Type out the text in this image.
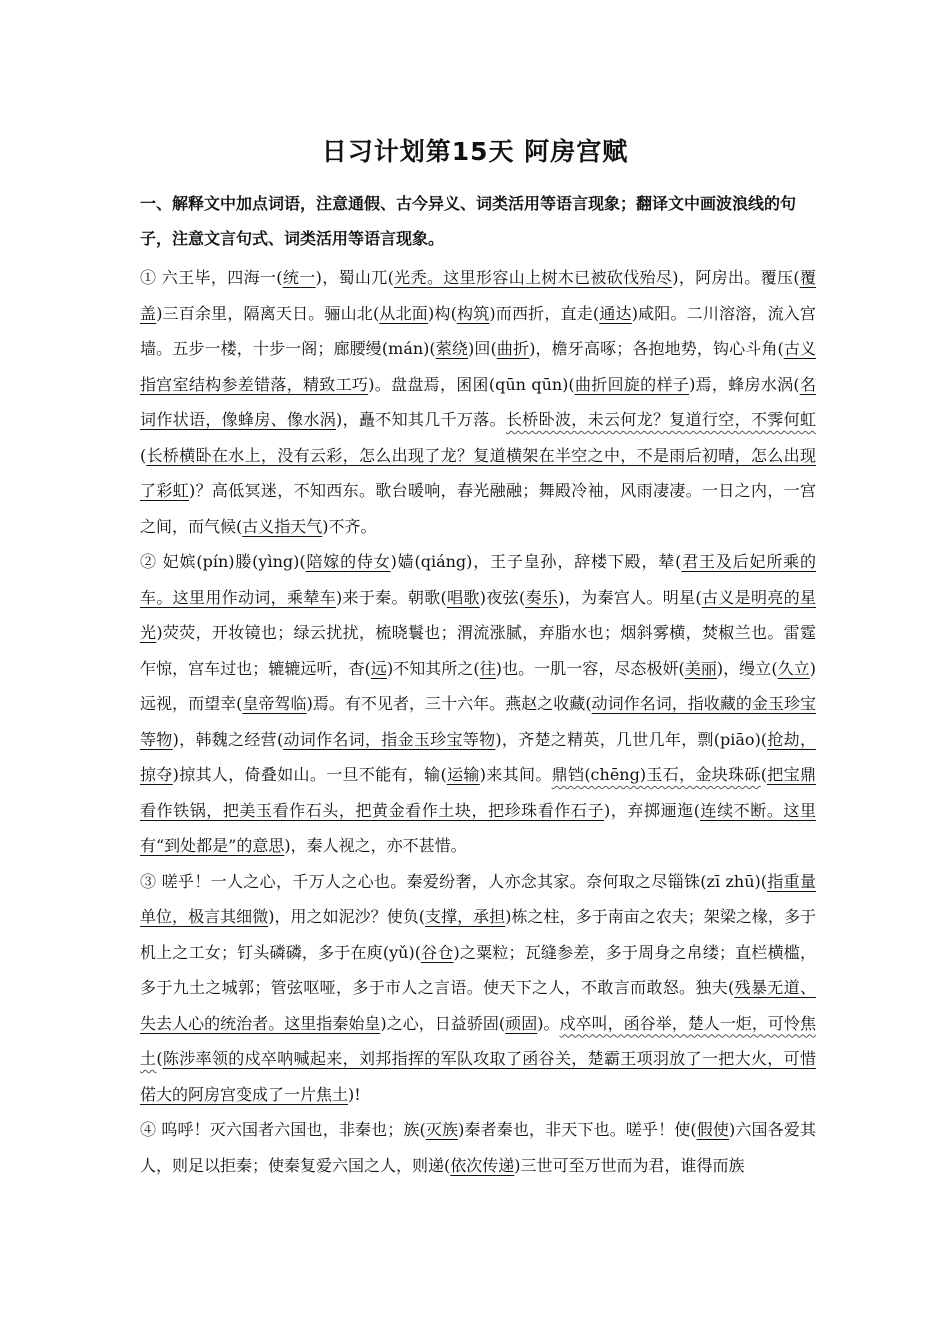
日习计划第15天 阿房宫赋
一、解释文中加点词语，注意通假、古今异义、词类活用等语言现象；翻译文中画波浪线的句子，注意文言句式、词类活用等语言现象。

① 六王毕，四海一(统一)，蜀山兀(光秃。这里形容山上树木已被砍伐殆尽)，阿房出。覆压(覆盖)三百余里，隔离天日。骊山北(从北面)构(构筑)而西折，直走(通达)咸阳。二川溶溶，流入宫墙。五步一楼，十步一阁；廊腰缦(mán)(萦绕)回(曲折)，檐牙高啄；各抱地势，钩心斗角(古义指宫室结构参差错落，精致工巧)。盘盘焉，囷囷(qūn qūn)(曲折回旋的样子)焉，蜂房水涡(名词作状语，像蜂房、像水涡)，矗不知其几千万落。长桥卧波，未云何龙？复道行空，不霁何虹(长桥横卧在水上，没有云彩，怎么出现了龙？复道横架在半空之中，不是雨后初晴，怎么出现了彩虹)？高低冥迷，不知西东。歌台暖响，春光融融；舞殿冷袖，风雨凄凄。一日之内，一宫之间，而气候(古义指天气)不齐。

② 妃嫔(pín)媵(yìng)(陪嫁的侍女)嫱(qiáng)，王子皇孙，辞楼下殿，辇(君王及后妃所乘的车。这里用作动词，乘辇车)来于秦。朝歌(唱歌)夜弦(奏乐)，为秦宫人。明星(古义是明亮的星光)荧荧，开妆镜也；绿云扰扰，梳晓鬟也；渭流涨腻，弃脂水也；烟斜雾横，焚椒兰也。雷霆乍惊，宫车过也；辘辘远听，杳(远)不知其所之(往)也。一肌一容，尽态极妍(美丽)，缦立(久立)远视，而望幸(皇帝驾临)焉。有不见者，三十六年。燕赵之收藏(动词作名词，指收藏的金玉珍宝等物)，韩魏之经营(动词作名词，指金玉珍宝等物)，齐楚之精英，几世几年，剽(piāo)(抢劫，掠夺)掠其人，倚叠如山。一旦不能有，输(运输)来其间。鼎铛(chēng)玉石，金块珠砾(把宝鼎看作铁锅，把美玉看作石头，把黄金看作土块，把珍珠看作石子)，弃掷逦迤(连续不断。这里有“到处都是”的意思)，秦人视之，亦不甚惜。

③ 嗟乎！一人之心，千万人之心也。秦爱纷奢，人亦念其家。奈何取之尽锱铢(zī zhū)(指重量单位，极言其细微)，用之如泥沙？使负(支撑，承担)栋之柱，多于南亩之农夫；架梁之椽，多于机上之工女；钉头磷磷，多于在庾(yǔ)(谷仓)之粟粒；瓦缝参差，多于周身之帛缕；直栏横槛，多于九土之城郭；管弦呕哑，多于市人之言语。使天下之人，不敢言而敢怒。独夫(残暴无道、失去人心的统治者。这里指秦始皇)之心，日益骄固(顽固)。戍卒叫，函谷举，楚人一炬，可怜焦土(陈涉率领的戍卒呐喊起来，刘邦指挥的军队攻取了函谷关，楚霸王项羽放了一把大火，可惜偌大的阿房宫变成了一片焦土)!

④ 呜呼！灭六国者六国也，非秦也；族(灭族)秦者秦也，非天下也。嗟乎！使(假使)六国各爱其人，则足以拒秦；使秦复爱六国之人，则递(依次传递)三世可至万世而为君，谁得而族
